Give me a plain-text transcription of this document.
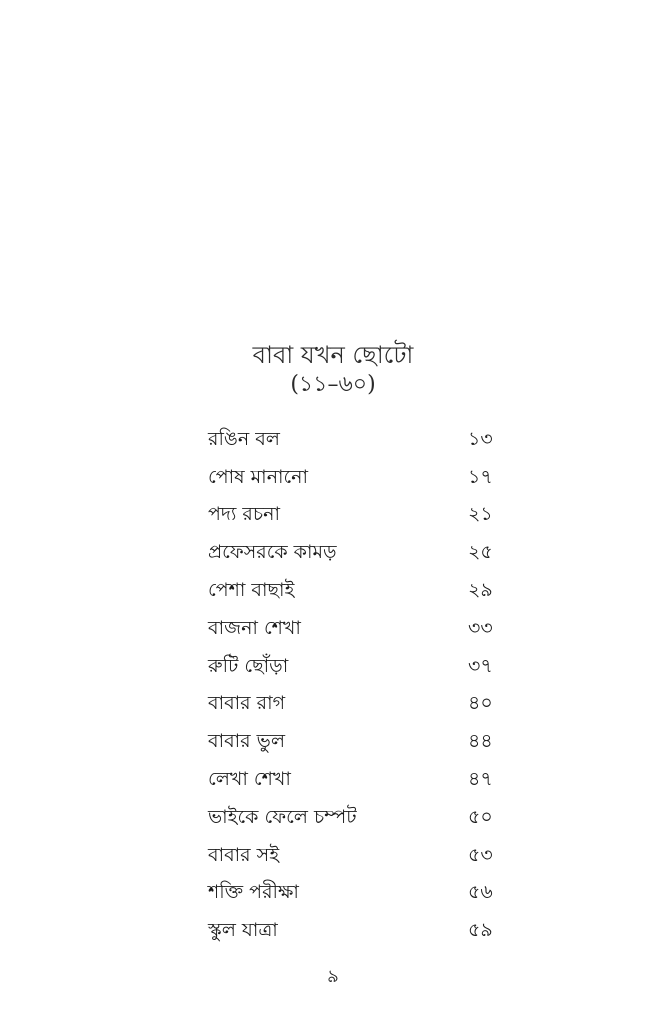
বাবা যখন ছোটো
(১১–৬০)
রঙিন বল	১৩
পোষ মানানো	১৭
পদ্য রচনা	২১
প্রফেসরকে কামড়	২৫
পেশা বাছাই	২৯
বাজনা শেখা	৩৩
রুটি ছোঁড়া	৩৭
বাবার রাগ	৪০
বাবার ভুল	৪৪
লেখা শেখা	৪৭
ভাইকে ফেলে চম্পট	৫০
বাবার সই	৫৩
শক্তি পরীক্ষা	৫৬
স্কুল যাত্রা	৫৯
৯
